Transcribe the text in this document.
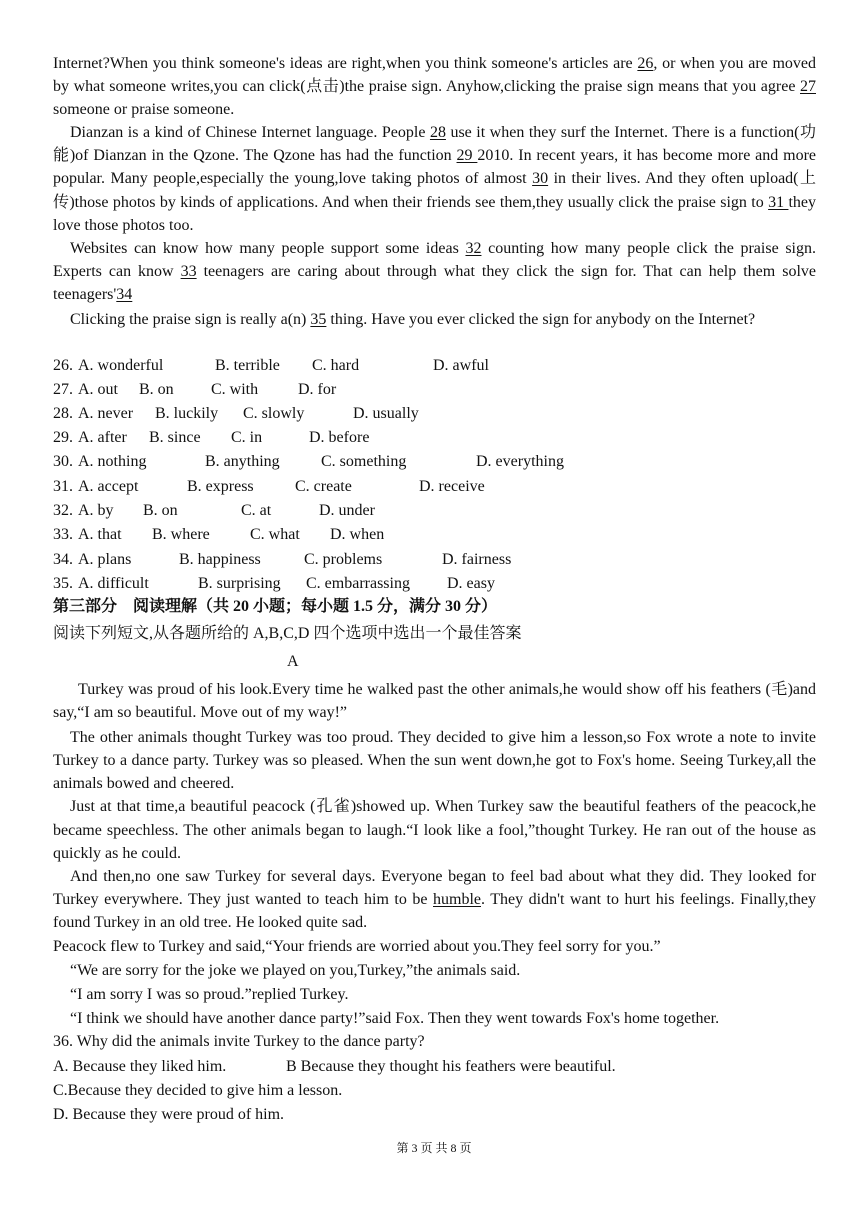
Internet?When you think someone's ideas are right,when you think someone's articles are 26, or when you are moved by what someone writes,you can click(点击)the praise sign. Anyhow,clicking the praise sign means that you agree 27 someone or praise someone.

Dianzan is a kind of Chinese Internet language. People 28 use it when they surf the Internet. There is a function(功能)of Dianzan in the Qzone. The Qzone has had the function 29 2010. In recent years, it has become more and more popular. Many people,especially the young,love taking photos of almost 30 in their lives. And they often upload(上传)those photos by kinds of applications. And when their friends see them,they usually click the praise sign to 31 they love those photos too.

Websites can know how many people support some ideas 32 counting how many people click the praise sign. Experts can know 33 teenagers are caring about through what they click the sign for. That can help them solve teenagers'34

Clicking the praise sign is really a(n) 35 thing. Have you ever clicked the sign for anybody on the Internet?

26. A. wonderful	B. terrible C. hard	D. awful
27. A. out B. on C. with D. for
28. A. never B. luckily C. slowly	D. usually
29. A. after B. since C. in	D. before
30. A. nothing	B. anything	C. something	D. everything
31. A. accept	B. express	C. create	D. receive
32. A. by B. on	C. at	D. under
33. A. that B. where	C. what D. when
34. A. plans	B. happiness	C. problems	D. fairness
35. A. difficult	B. surprising C. embarrassing D. easy
第三部分　阅读理解（共 20 小题；每小题 1.5 分，满分 30 分）
阅读下列短文,从各题所给的 A,B,C,D 四个选项中选出一个最佳答案
A

Turkey was proud of his look.Every time he walked past the other animals,he would show off his feathers (毛)and say,“I am so beautiful. Move out of my way!”

The other animals thought Turkey was too proud. They decided to give him a lesson,so Fox wrote a note to invite Turkey to a dance party. Turkey was so pleased. When the sun went down,he got to Fox's home. Seeing Turkey,all the animals bowed and cheered.

Just at that time,a beautiful peacock (孔雀)showed up. When Turkey saw the beautiful feathers of the peacock,he became speechless. The other animals began to laugh.“I look like a fool,”thought Turkey. He ran out of the house as quickly as he could.

And then,no one saw Turkey for several days. Everyone began to feel bad about what they did. They looked for Turkey everywhere. They just wanted to teach him to be humble. They didn't want to hurt his feelings. Finally,they found Turkey in an old tree. He looked quite sad.

Peacock flew to Turkey and said,“Your friends are worried about you.They feel sorry for you.”

“We are sorry for the joke we played on you,Turkey,”the animals said.

“I am sorry I was so proud.”replied Turkey.

“I think we should have another dance party!”said Fox. Then they went towards Fox's home together.

36. Why did the animals invite Turkey to the dance party?
A. Because they liked him.	B Because they thought his feathers were beautiful.
C.Because they decided to give him a lesson.
D. Because they were proud of him.
第 3 页 共 8 页
